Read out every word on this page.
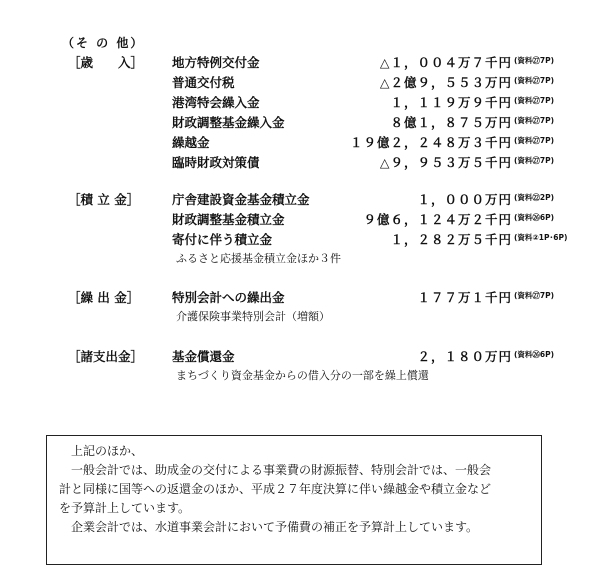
（そ の 他）
［歳　　入］	地方特例交付金	△１，００４万７千円 (資料㉗7P)
普通交付税	△２億９，５５３万円 (資料㉗7P)
港湾特会繰入金	１，１１９万９千円 (資料㉗7P)
財政調整基金繰入金	８億１，８７５万円 (資料㉗7P)
繰越金	１９億２，２４８万３千円 (資料㉗7P)
臨時財政対策債	△９，９５３万５千円 (資料㉗7P)
［積 立 金］	庁舎建設資金基金積立金	１，０００万円 (資料㉒2P)
財政調整基金積立金	９億６，１２４万２千円 (資料㉖6P)
寄付に伴う積立金	１，２８２万５千円 (資料②1P･6P)
ふるさと応援基金積立金ほか３件
［繰 出 金］	特別会計への繰出金	１７７万１千円 (資料㉗7P)
介護保険事業特別会計（増額）
［諸支出金］	基金償還金	２，１８０万円 (資料㉖6P)
まちづくり資金基金からの借入分の一部を繰上償還
　上記のほか、
　一般会計では、助成金の交付による事業費の財源振替、特別会計では、一般会
計と同様に国等への返還金のほか、平成２７年度決算に伴い繰越金や積立金など
を予算計上しています。
　企業会計では、水道事業会計において予備費の補正を予算計上しています。
